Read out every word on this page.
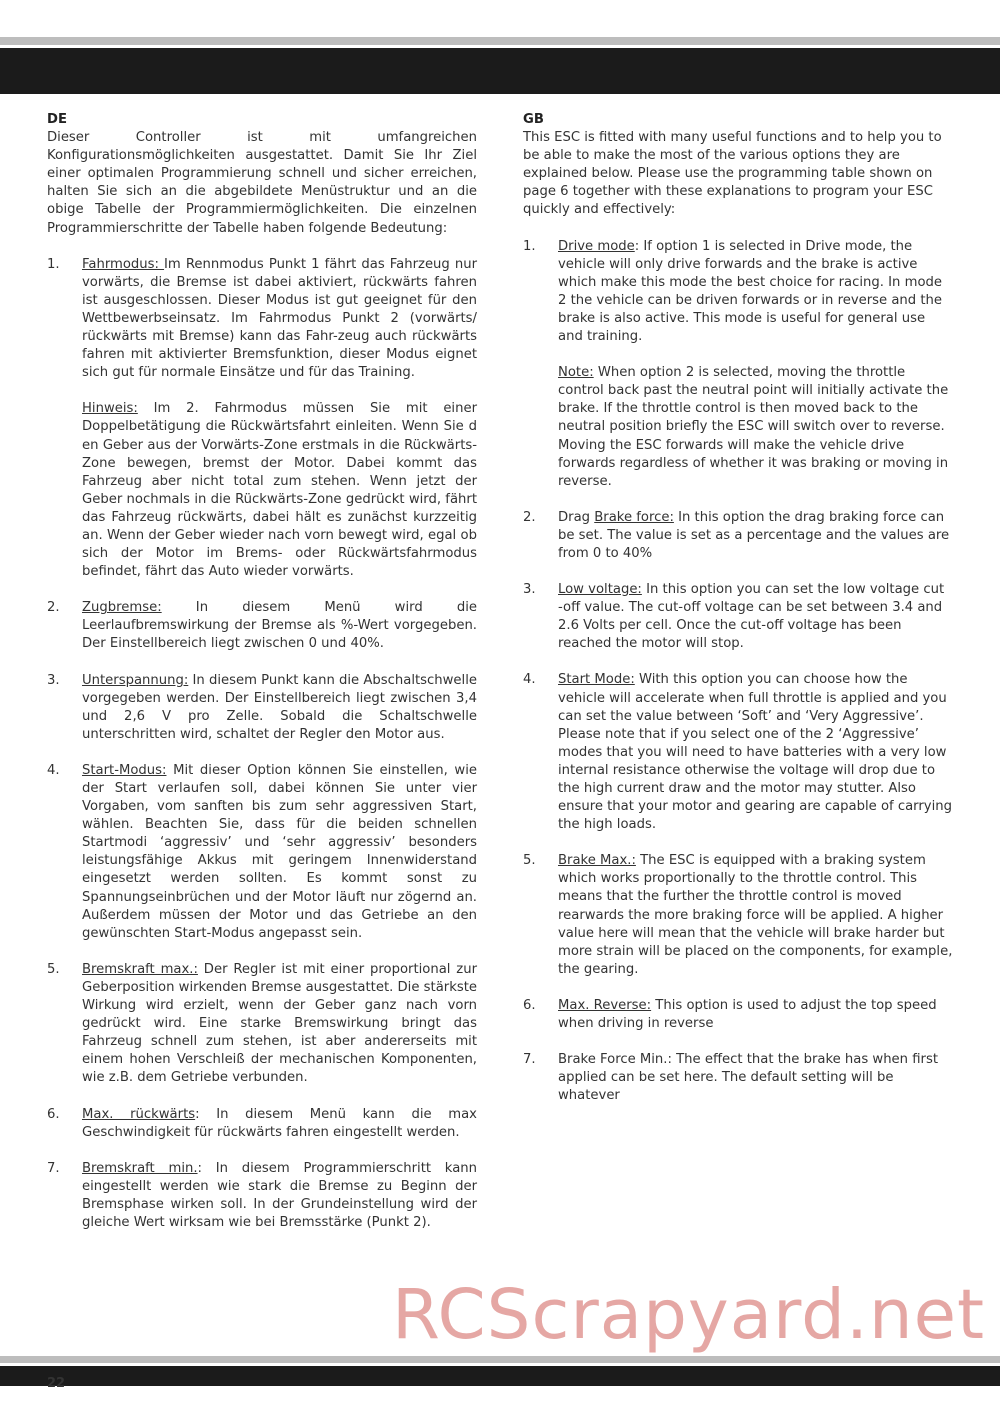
DE

Dieser Controller ist mit umfangreichen Konfigurationsmöglichkeiten ausgestattet. Damit Sie Ihr Ziel einer optimalen Programmierung schnell und sicher erreichen, halten Sie sich an die abgebildete Menüstruktur und an die obige Tabelle der Programmiermöglichkeiten. Die einzelnen Programmierschritte der Tabelle haben folgende Bedeutung:

1. Fahrmodus: Im Rennmodus Punkt 1 fährt das Fahrzeug nur vorwärts, die Bremse ist dabei aktiviert, rückwärts fahren ist ausgeschlossen. Dieser Modus ist gut geeignet für den Wettbewerbseinsatz. Im Fahrmodus Punkt 2 (vorwärts/ rückwärts mit Bremse) kann das Fahr-zeug auch rückwärts fahren mit aktivierter Bremsfunktion, dieser Modus eignet sich gut für normale Einsätze und für das Training.
Hinweis: Im 2. Fahrmodus müssen Sie mit einer Doppelbetätigung die Rückwärtsfahrt einleiten. Wenn Sie d en Geber aus der Vorwärts-Zone erstmals in die Rückwärts-Zone bewegen, bremst der Motor. Dabei kommt das Fahrzeug aber nicht total zum stehen. Wenn jetzt der Geber nochmals in die Rückwärts-Zone gedrückt wird, fährt das Fahrzeug rückwärts, dabei hält es zunächst kurzzeitig an. Wenn der Geber wieder nach vorn bewegt wird, egal ob sich der Motor im Brems- oder Rückwärtsfahrmodus befindet, fährt das Auto wieder vorwärts.
2. Zugbremse: In diesem Menü wird die Leerlaufbremswirkung der Bremse als %-Wert vorgegeben. Der Einstellbereich liegt zwischen 0 und 40%.
3. Unterspannung: In diesem Punkt kann die Abschaltschwelle vorgegeben werden. Der Einstellbereich liegt zwischen 3,4 und 2,6 V pro Zelle. Sobald die Schaltschwelle unterschritten wird, schaltet der Regler den Motor aus.
4. Start-Modus: Mit dieser Option können Sie einstellen, wie der Start verlaufen soll, dabei können Sie unter vier Vorgaben, vom sanften bis zum sehr aggressiven Start, wählen. Beachten Sie, dass für die beiden schnellen Startmodi ‘aggressiv’ und ‘sehr aggressiv’ besonders leistungsfähige Akkus mit geringem Innenwiderstand eingesetzt werden sollten. Es kommt sonst zu Spannungseinbrüchen und der Motor läuft nur zögernd an. Außerdem müssen der Motor und das Getriebe an den gewünschten Start-Modus angepasst sein.
5. Bremskraft max.: Der Regler ist mit einer proportional zur Geberposition wirkenden Bremse ausgestattet. Die stärkste Wirkung wird erzielt, wenn der Geber ganz nach vorn gedrückt wird. Eine starke Bremswirkung bringt das Fahrzeug schnell zum stehen, ist aber andererseits mit einem hohen Verschleiß der mechanischen Komponenten, wie z.B. dem Getriebe verbunden.
6. Max. rückwärts: In diesem Menü kann die max Geschwindigkeit für rückwärts fahren eingestellt werden.
7. Bremskraft min.: In diesem Programmierschritt kann eingestellt werden wie stark die Bremse zu Beginn der Bremsphase wirken soll. In der Grundeinstellung wird der gleiche Wert wirksam wie bei Bremsstärke (Punkt 2).
GB

This ESC is fitted with many useful functions and to help you to be able to make the most of the various options they are explained below. Please use the programming table shown on page 6 together with these explanations to program your ESC quickly and effectively:

1. Drive mode: If option 1 is selected in Drive mode, the vehicle will only drive forwards and the brake is active which make this mode the best choice for racing. In mode 2 the vehicle can be driven forwards or in reverse and the brake is also active. This mode is useful for general use and training.
Note: When option 2 is selected, moving the throttle control back past the neutral point will initially activate the brake. If the throttle control is then moved back to the neutral position briefly the ESC will switch over to reverse. Moving the ESC forwards will make the vehicle drive forwards regardless of whether it was braking or moving in reverse.
2. Drag Brake force: In this option the drag braking force can be set. The value is set as a percentage and the values are from 0 to 40%
3. Low voltage: In this option you can set the low voltage cut -off value. The cut-off voltage can be set between 3.4 and 2.6 Volts per cell. Once the cut-off voltage has been reached the motor will stop.
4. Start Mode: With this option you can choose how the vehicle will accelerate when full throttle is applied and you can set the value between ‘Soft’ and ‘Very Aggressive’. Please note that if you select one of the 2 ‘Aggressive’ modes that you will need to have batteries with a very low internal resistance otherwise the voltage will drop due to the high current draw and the motor may stutter. Also ensure that your motor and gearing are capable of carrying the high loads.
5. Brake Max.: The ESC is equipped with a braking system which works proportionally to the throttle control. This means that the further the throttle control is moved rearwards the more braking force will be applied. A higher value here will mean that the vehicle will brake harder but more strain will be placed on the components, for example, the gearing.
6. Max. Reverse: This option is used to adjust the top speed when driving in reverse
7. Brake Force Min.: The effect that the brake has when first applied can be set here. The default setting will be whatever
RCScrapyard.net
22
